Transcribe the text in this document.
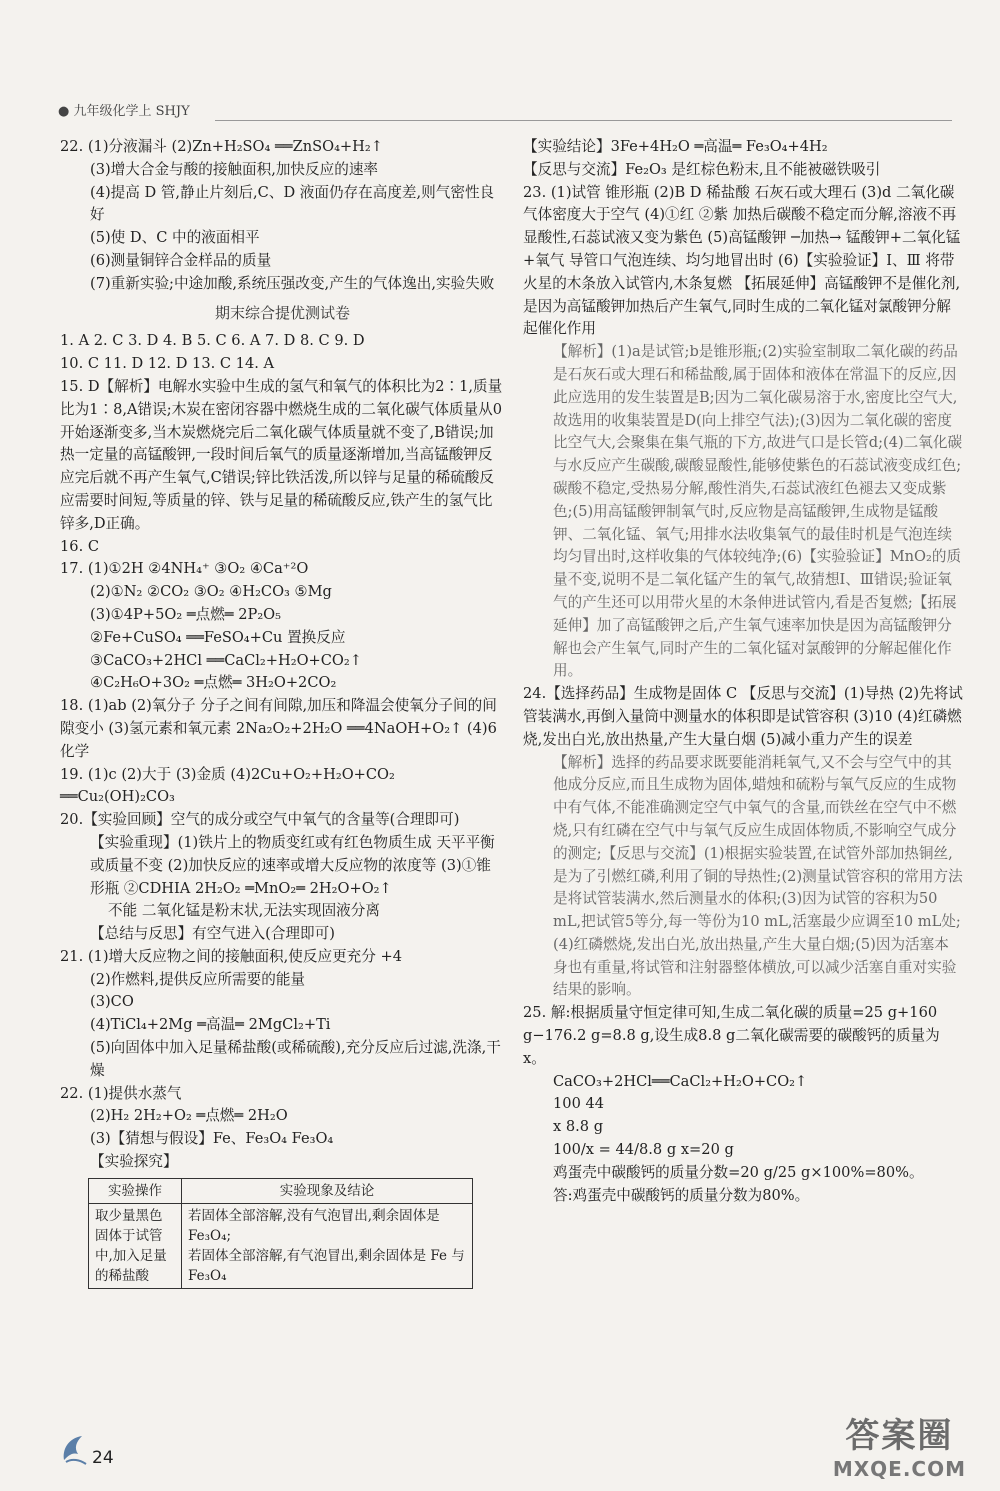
● 九年级化学上 SHJY

22. (1)分液漏斗 (2)Zn+H₂SO₄ ══ZnSO₄+H₂↑

(3)增大合金与酸的接触面积,加快反应的速率

(4)提高 D 管,静止片刻后,C、D 液面仍存在高度差,则气密性良好

(5)使 D、C 中的液面相平

(6)测量铜锌合金样品的质量

(7)重新实验;中途加酸,系统压强改变,产生的气体逸出,实验失败

期末综合提优测试卷

1. A 2. C 3. D 4. B 5. C 6. A 7. D 8. C 9. D

10. C 11. D 12. D 13. C 14. A

15. D【解析】电解水实验中生成的氢气和氧气的体积比为2∶1,质量比为1∶8,A错误;木炭在密闭容器中燃烧生成的二氧化碳气体质量从0开始逐渐变多,当木炭燃烧完后二氧化碳气体质量就不变了,B错误;加热一定量的高锰酸钾,一段时间后氧气的质量逐渐增加,当高锰酸钾反应完后就不再产生氧气,C错误;锌比铁活泼,所以锌与足量的稀硫酸反应需要时间短,等质量的锌、铁与足量的稀硫酸反应,铁产生的氢气比锌多,D正确。

16. C

17. (1)①2H ②4NH₄⁺ ③O₂ ④Ca⁺²O

(2)①N₂ ②CO₂ ③O₂ ④H₂CO₃ ⑤Mg

(3)①4P+5O₂ ═点燃═ 2P₂O₅

②Fe+CuSO₄ ══FeSO₄+Cu 置换反应

③CaCO₃+2HCl ══CaCl₂+H₂O+CO₂↑

④C₂H₆O+3O₂ ═点燃═ 3H₂O+2CO₂

18. (1)ab (2)氧分子 分子之间有间隙,加压和降温会使氧分子间的间隙变小 (3)氢元素和氧元素 2Na₂O₂+2H₂O ══4NaOH+O₂↑ (4)6 化学

19. (1)c (2)大于 (3)金质 (4)2Cu+O₂+H₂O+CO₂ ══Cu₂(OH)₂CO₃

20.【实验回顾】空气的成分或空气中氧气的含量等(合理即可)

【实验重现】(1)铁片上的物质变红或有红色物质生成 天平平衡或质量不变 (2)加快反应的速率或增大反应物的浓度等 (3)①锥形瓶 ②CDHIA 2H₂O₂ ═MnO₂═ 2H₂O+O₂↑

不能 二氧化锰是粉末状,无法实现固液分离

【总结与反思】有空气进入(合理即可)

21. (1)增大反应物之间的接触面积,使反应更充分 +4

(2)作燃料,提供反应所需要的能量

(3)CO

(4)TiCl₄+2Mg ═高温═ 2MgCl₂+Ti

(5)向固体中加入足量稀盐酸(或稀硫酸),充分反应后过滤,洗涤,干燥

22. (1)提供水蒸气

(2)H₂ 2H₂+O₂ ═点燃═ 2H₂O

(3)【猜想与假设】Fe、Fe₃O₄ Fe₃O₄

【实验探究】

实验操作	实验现象及结论
取少量黑色固体于试管中,加入足量的稀盐酸	若固体全部溶解,没有气泡冒出,剩余固体是 Fe₃O₄;
若固体全部溶解,有气泡冒出,剩余固体是 Fe 与 Fe₃O₄

【实验结论】3Fe+4H₂O ═高温═ Fe₃O₄+4H₂

【反思与交流】Fe₂O₃ 是红棕色粉末,且不能被磁铁吸引

23. (1)试管 锥形瓶 (2)B D 稀盐酸 石灰石或大理石 (3)d 二氧化碳气体密度大于空气 (4)①红 ②紫 加热后碳酸不稳定而分解,溶液不再显酸性,石蕊试液又变为紫色 (5)高锰酸钾 ─加热→ 锰酸钾+二氧化锰+氧气 导管口气泡连续、均匀地冒出时 (6)【实验验证】Ⅰ、Ⅲ 将带火星的木条放入试管内,木条复燃 【拓展延伸】高锰酸钾不是催化剂,是因为高锰酸钾加热后产生氧气,同时生成的二氧化锰对氯酸钾分解起催化作用

【解析】(1)a是试管;b是锥形瓶;(2)实验室制取二氧化碳的药品是石灰石或大理石和稀盐酸,属于固体和液体在常温下的反应,因此应选用的发生装置是B;因为二氧化碳易溶于水,密度比空气大,故选用的收集装置是D(向上排空气法);(3)因为二氧化碳的密度比空气大,会聚集在集气瓶的下方,故进气口是长管d;(4)二氧化碳与水反应产生碳酸,碳酸显酸性,能够使紫色的石蕊试液变成红色;碳酸不稳定,受热易分解,酸性消失,石蕊试液红色褪去又变成紫色;(5)用高锰酸钾制氧气时,反应物是高锰酸钾,生成物是锰酸钾、二氧化锰、氧气;用排水法收集氧气的最佳时机是气泡连续均匀冒出时,这样收集的气体较纯净;(6)【实验验证】MnO₂的质量不变,说明不是二氧化锰产生的氧气,故猜想Ⅰ、Ⅲ错误;验证氧气的产生还可以用带火星的木条伸进试管内,看是否复燃;【拓展延伸】加了高锰酸钾之后,产生氧气速率加快是因为高锰酸钾分解也会产生氧气,同时产生的二氧化锰对氯酸钾的分解起催化作用。

24.【选择药品】生成物是固体 C 【反思与交流】(1)导热 (2)先将试管装满水,再倒入量筒中测量水的体积即是试管容积 (3)10 (4)红磷燃烧,发出白光,放出热量,产生大量白烟 (5)减小重力产生的误差

【解析】选择的药品要求既要能消耗氧气,又不会与空气中的其他成分反应,而且生成物为固体,蜡烛和硫粉与氧气反应的生成物中有气体,不能准确测定空气中氧气的含量,而铁丝在空气中不燃烧,只有红磷在空气中与氧气反应生成固体物质,不影响空气成分的测定;【反思与交流】(1)根据实验装置,在试管外部加热铜丝,是为了引燃红磷,利用了铜的导热性;(2)测量试管容积的常用方法是将试管装满水,然后测量水的体积;(3)因为试管的容积为50 mL,把试管5等分,每一等份为10 mL,活塞最少应调至10 mL处;(4)红磷燃烧,发出白光,放出热量,产生大量白烟;(5)因为活塞本身也有重量,将试管和注射器整体横放,可以减少活塞自重对实验结果的影响。

25. 解:根据质量守恒定律可知,生成二氧化碳的质量=25 g+160 g−176.2 g=8.8 g,设生成8.8 g二氧化碳需要的碳酸钙的质量为 x。

CaCO₃+2HCl══CaCl₂+H₂O+CO₂↑

100 44

x 8.8 g

100/x = 44/8.8 g x=20 g

鸡蛋壳中碳酸钙的质量分数=20 g/25 g×100%=80%。

答:鸡蛋壳中碳酸钙的质量分数为80%。

24
答案圈
MXQE.COM
